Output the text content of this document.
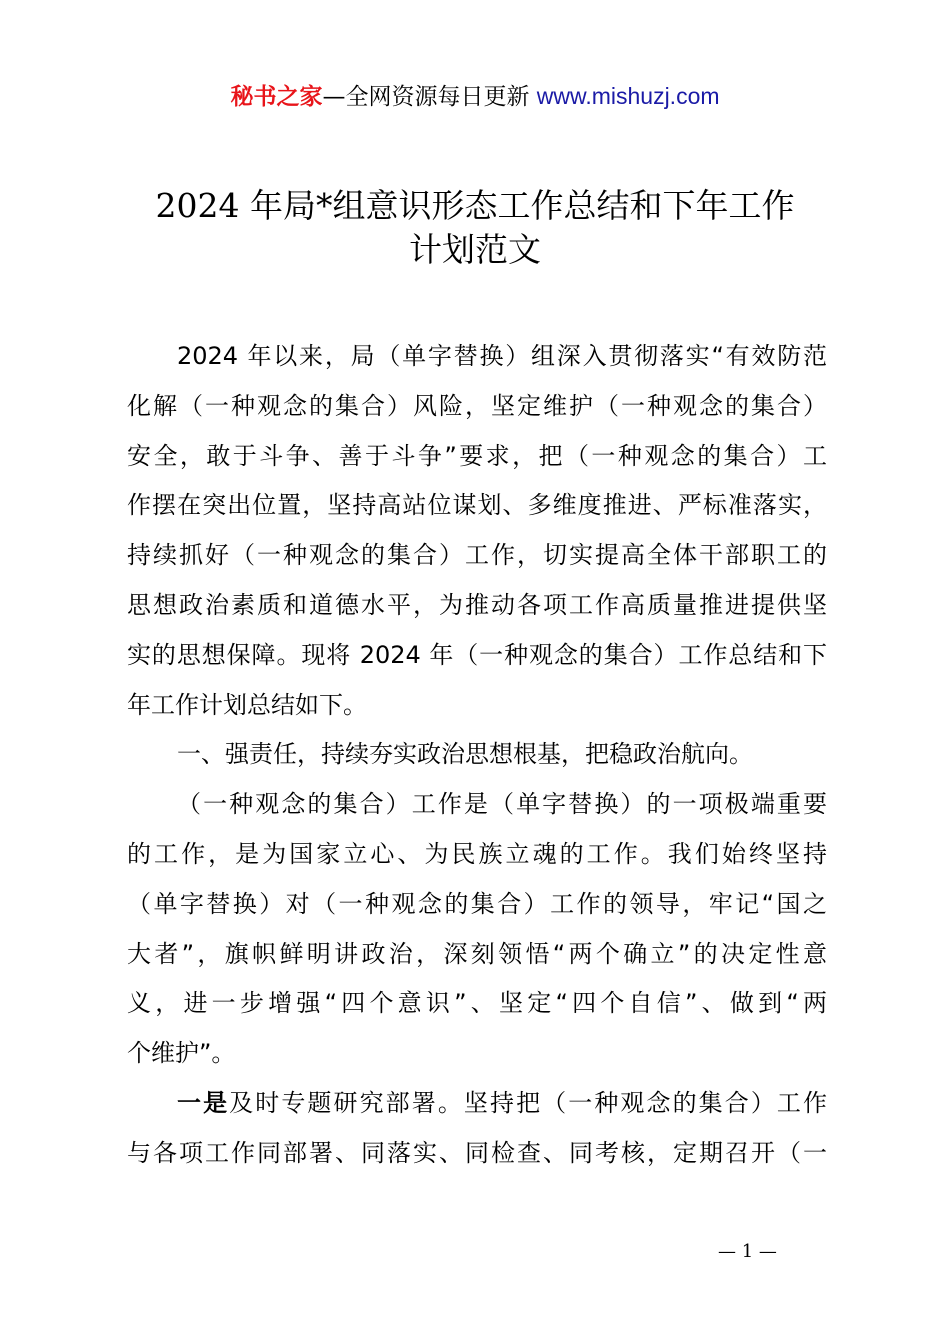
秘书之家—全网资源每日更新 www.mishuzj.com
2024 年局*组意识形态工作总结和下年工作
计划范文
2024 年以来，局（单字替换）组深入贯彻落实“有效防范
化解（一种观念的集合）风险，坚定维护（一种观念的集合）
安全，敢于斗争、善于斗争”要求，把（一种观念的集合）工
作摆在突出位置，坚持高站位谋划、多维度推进、严标准落实，
持续抓好（一种观念的集合）工作，切实提高全体干部职工的
思想政治素质和道德水平，为推动各项工作高质量推进提供坚
实的思想保障。现将 2024 年（一种观念的集合）工作总结和下
年工作计划总结如下。
一、强责任，持续夯实政治思想根基，把稳政治航向。
（一种观念的集合）工作是（单字替换）的一项极端重要
的工作，是为国家立心、为民族立魂的工作。我们始终坚持
（单字替换）对（一种观念的集合）工作的领导，牢记“国之
大者”，旗帜鲜明讲政治，深刻领悟“两个确立”的决定性意
义，进一步增强“四个意识”、坚定“四个自信”、做到“两
个维护”。
一是及时专题研究部署。坚持把（一种观念的集合）工作
与各项工作同部署、同落实、同检查、同考核，定期召开（一
— 1 —
